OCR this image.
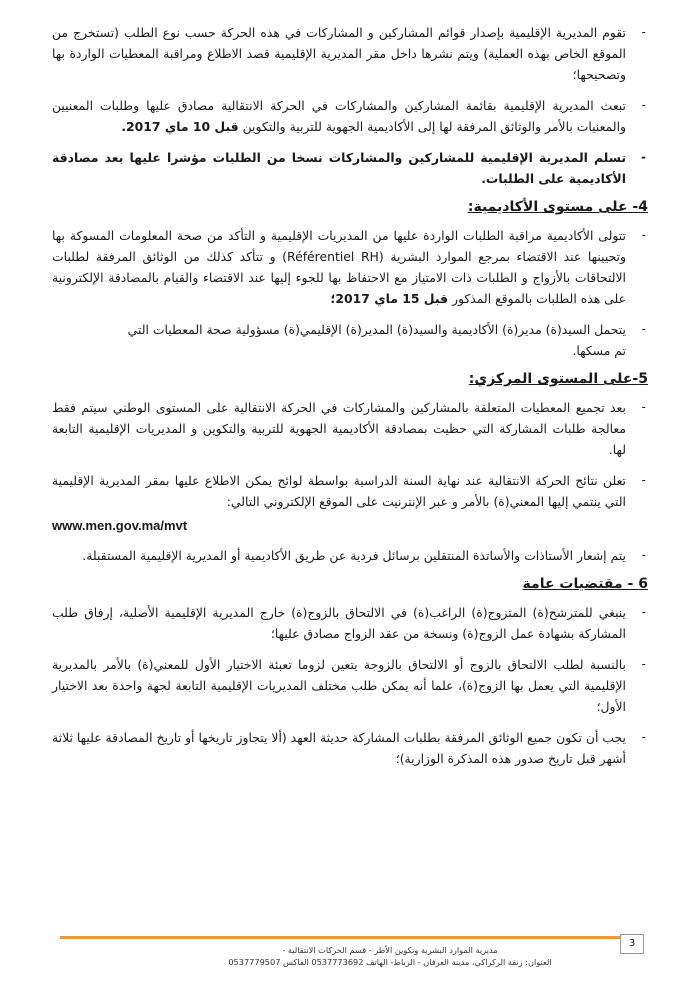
-
تقوم المديرية الإقليمية بإصدار قوائم المشاركين و المشاركات في هذه الحركة حسب نوع الطلب (تستخرج من الموقع الخاص بهذه العملية) ويتم نشرها داخل مقر المديرية الإقليمية قصد الاطلاع ومراقبة المعطيات الواردة بها وتصحيحها؛

-
تبعث المديرية الإقليمية بقائمة المشاركين والمشاركات في الحركة الانتقالية مصادق عليها وطلبات المعنيين والمعنيات بالأمر والوثائق المرفقة لها إلى الأكاديمية الجهوية للتربية والتكوين قبل 10 ماي 2017.

-
تسلم المديرية الإقليمية للمشاركين والمشاركات نسخا من الطلبات مؤشرا عليها بعد مصادقة الأكاديمية على الطلبات.

4- على مستوى الأكاديمية:

-
تتولى الأكاديمية مراقبة الطلبات الواردة عليها من المديريات الإقليمية و التأكد من صحة المعلومات المسوكة بها وتحيينها عند الاقتضاء بمرجع الموارد البشرية (Référentiel RH) و تتأكد كذلك من الوثائق المرفقة لطلبات الالتحاقات بالأزواج و الطلبات ذات الامتياز مع الاحتفاظ بها للجوء إليها عند الاقتضاء والقيام بالمصادقة الإلكترونية على هذه الطلبات بالموقع المذكور قبل 15 ماي 2017؛

-
يتحمل السيد(ة) مدير(ة) الأكاديمية والسيد(ة) المدير(ة) الإقليمي(ة) مسؤولية صحة المعطيات التي
تم مسكها.

5-على المستوى المركزي:

-
بعد تجميع المعطيات المتعلقة بالمشاركين والمشاركات في الحركة الانتقالية على المستوى الوطني سيتم فقط معالجة طلبات المشاركة التي حظيت بمصادقة الأكاديمية الجهوية للتربية والتكوين و المديريات الإقليمية التابعة لها.

-
تعلن نتائج الحركة الانتقالية عند نهاية السنة الدراسية بواسطة لوائح يمكن الاطلاع عليها بمقر المديرية الإقليمية التي ينتمي إليها المعني(ة) بالأمر و عبر الإنترنيت على الموقع الإلكتروني التالي:

www.men.gov.ma/mvt

-
يتم إشعار الأستاذات والأساتذة المنتقلين برسائل فردية عن طريق الأكاديمية أو المديرية الإقليمية المستقبلة.

6 - مقتضيات عامة

-
ينبغي للمترشح(ة) المتزوج(ة) الراغب(ة) في الالتحاق بالزوج(ة) خارج المديرية الإقليمية الأصلية، إرفاق طلب المشاركة بشهادة عمل الزوج(ة) ونسخة من عقد الزواج مصادق عليها؛

-
بالنسبة لطلب الالتحاق بالزوج أو الالتحاق بالزوجة يتعين لزوما تعبئة الاختيار الأول للمعني(ة) بالأمر بالمديرية الإقليمية التي يعمل بها الزوج(ة)، علما أنه يمكن طلب مختلف المديريات الإقليمية التابعة لجهة واحدة بعد الاختيار الأول؛

-
يجب أن تكون جميع الوثائق المرفقة بطلبات المشاركة حديثة العهد (ألا يتجاوز تاريخها أو تاريخ المصادقة عليها ثلاثة أشهر قبل تاريخ صدور هذه المذكرة الوزارية)؛

3
مديرية الموارد البشرية وتكوين الأطر - قسم الحركات الانتقالية -
العنوان: زنقة الركراكي، مدينة العرفان - الرباط- الهاتف 0537773692 الفاكس 0537779507
